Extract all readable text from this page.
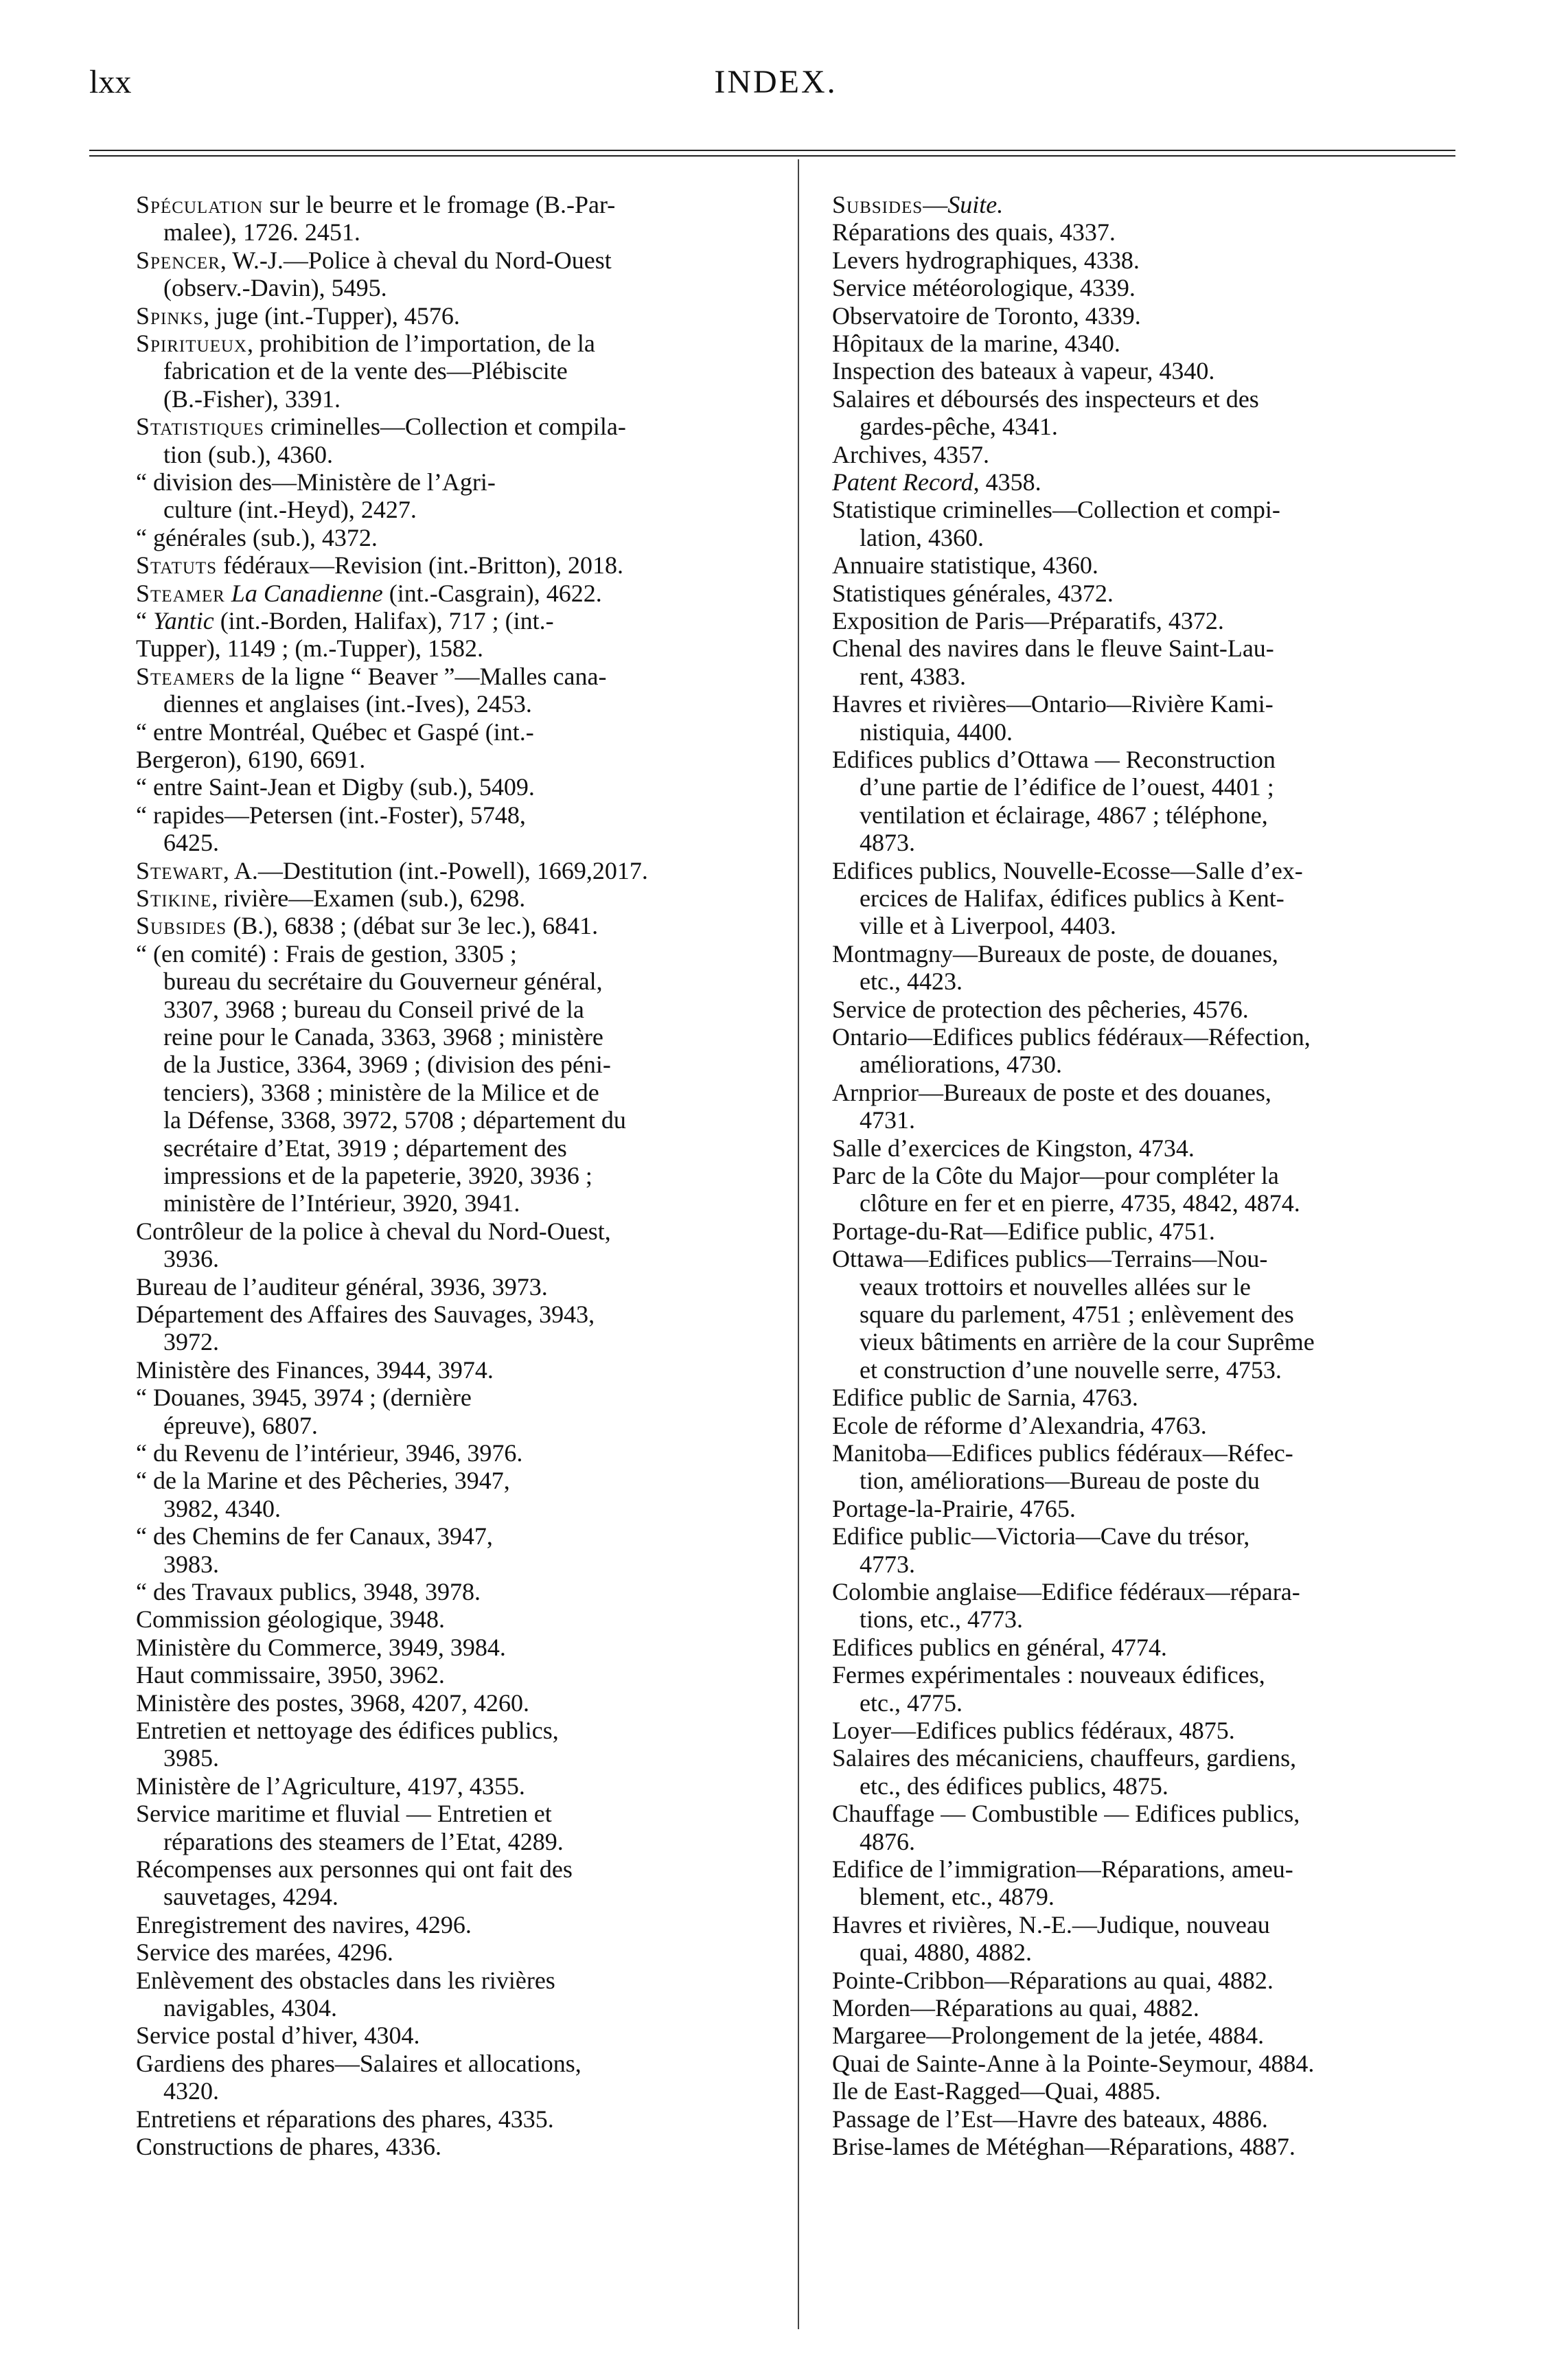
lxx	INDEX.
Spéculation sur le beurre et le fromage (B.-Par-
malee), 1726. 2451.
Spencer, W.-J.—Police à cheval du Nord-Ouest
(observ.-Davin), 5495.
Spinks, juge (int.-Tupper), 4576.
Spiritueux, prohibition de l’importation, de la
fabrication et de la vente des—Plébiscite
(B.-Fisher), 3391.
Statistiques criminelles—Collection et compila-
tion (sub.), 4360.
“ division des—Ministère de l’Agri-
culture (int.-Heyd), 2427.
“ générales (sub.), 4372.
Statuts fédéraux—Revision (int.-Britton), 2018.
Steamer La Canadienne (int.-Casgrain), 4622.
“ Yantic (int.-Borden, Halifax), 717 ; (int.-
Tupper), 1149 ; (m.-Tupper), 1582.
Steamers de la ligne “ Beaver ”—Malles cana-
diennes et anglaises (int.-Ives), 2453.
“ entre Montréal, Québec et Gaspé (int.-
Bergeron), 6190, 6691.
“ entre Saint-Jean et Digby (sub.), 5409.
“ rapides—Petersen (int.-Foster), 5748,
6425.
Stewart, A.—Destitution (int.-Powell), 1669,2017.
Stikine, rivière—Examen (sub.), 6298.
Subsides (B.), 6838 ; (débat sur 3e lec.), 6841.
“ (en comité) : Frais de gestion, 3305 ;
bureau du secrétaire du Gouverneur général,
3307, 3968 ; bureau du Conseil privé de la
reine pour le Canada, 3363, 3968 ; ministère
de la Justice, 3364, 3969 ; (division des péni-
tenciers), 3368 ; ministère de la Milice et de
la Défense, 3368, 3972, 5708 ; département du
secrétaire d’Etat, 3919 ; département des
impressions et de la papeterie, 3920, 3936 ;
ministère de l’Intérieur, 3920, 3941.
Contrôleur de la police à cheval du Nord-Ouest,
3936.
Bureau de l’auditeur général, 3936, 3973.
Département des Affaires des Sauvages, 3943,
3972.
Ministère des Finances, 3944, 3974.
“ Douanes, 3945, 3974 ; (dernière
épreuve), 6807.
“ du Revenu de l’intérieur, 3946, 3976.
“ de la Marine et des Pêcheries, 3947,
3982, 4340.
“ des Chemins de fer Canaux, 3947,
3983.
“ des Travaux publics, 3948, 3978.
Commission géologique, 3948.
Ministère du Commerce, 3949, 3984.
Haut commissaire, 3950, 3962.
Ministère des postes, 3968, 4207, 4260.
Entretien et nettoyage des édifices publics,
3985.
Ministère de l’Agriculture, 4197, 4355.
Service maritime et fluvial — Entretien et
réparations des steamers de l’Etat, 4289.
Récompenses aux personnes qui ont fait des
sauvetages, 4294.
Enregistrement des navires, 4296.
Service des marées, 4296.
Enlèvement des obstacles dans les rivières
navigables, 4304.
Service postal d’hiver, 4304.
Gardiens des phares—Salaires et allocations,
4320.
Entretiens et réparations des phares, 4335.
Constructions de phares, 4336.
Subsides—Suite.
Réparations des quais, 4337.
Levers hydrographiques, 4338.
Service météorologique, 4339.
Observatoire de Toronto, 4339.
Hôpitaux de la marine, 4340.
Inspection des bateaux à vapeur, 4340.
Salaires et déboursés des inspecteurs et des
gardes-pêche, 4341.
Archives, 4357.
Patent Record, 4358.
Statistique criminelles—Collection et compi-
lation, 4360.
Annuaire statistique, 4360.
Statistiques générales, 4372.
Exposition de Paris—Préparatifs, 4372.
Chenal des navires dans le fleuve Saint-Lau-
rent, 4383.
Havres et rivières—Ontario—Rivière Kami-
nistiquia, 4400.
Edifices publics d’Ottawa — Reconstruction
d’une partie de l’édifice de l’ouest, 4401 ;
ventilation et éclairage, 4867 ; téléphone,
4873.
Edifices publics, Nouvelle-Ecosse—Salle d’ex-
ercices de Halifax, édifices publics à Kent-
ville et à Liverpool, 4403.
Montmagny—Bureaux de poste, de douanes,
etc., 4423.
Service de protection des pêcheries, 4576.
Ontario—Edifices publics fédéraux—Réfection,
améliorations, 4730.
Arnprior—Bureaux de poste et des douanes,
4731.
Salle d’exercices de Kingston, 4734.
Parc de la Côte du Major—pour compléter la
clôture en fer et en pierre, 4735, 4842, 4874.
Portage-du-Rat—Edifice public, 4751.
Ottawa—Edifices publics—Terrains—Nou-
veaux trottoirs et nouvelles allées sur le
square du parlement, 4751 ; enlèvement des
vieux bâtiments en arrière de la cour Suprême
et construction d’une nouvelle serre, 4753.
Edifice public de Sarnia, 4763.
Ecole de réforme d’Alexandria, 4763.
Manitoba—Edifices publics fédéraux—Réfec-
tion, améliorations—Bureau de poste du
Portage-la-Prairie, 4765.
Edifice public—Victoria—Cave du trésor,
4773.
Colombie anglaise—Edifice fédéraux—répara-
tions, etc., 4773.
Edifices publics en général, 4774.
Fermes expérimentales : nouveaux édifices,
etc., 4775.
Loyer—Edifices publics fédéraux, 4875.
Salaires des mécaniciens, chauffeurs, gardiens,
etc., des édifices publics, 4875.
Chauffage — Combustible — Edifices publics,
4876.
Edifice de l’immigration—Réparations, ameu-
blement, etc., 4879.
Havres et rivières, N.-E.—Judique, nouveau
quai, 4880, 4882.
Pointe-Cribbon—Réparations au quai, 4882.
Morden—Réparations au quai, 4882.
Margaree—Prolongement de la jetée, 4884.
Quai de Sainte-Anne à la Pointe-Seymour, 4884.
Ile de East-Ragged—Quai, 4885.
Passage de l’Est—Havre des bateaux, 4886.
Brise-lames de Météghan—Réparations, 4887.
